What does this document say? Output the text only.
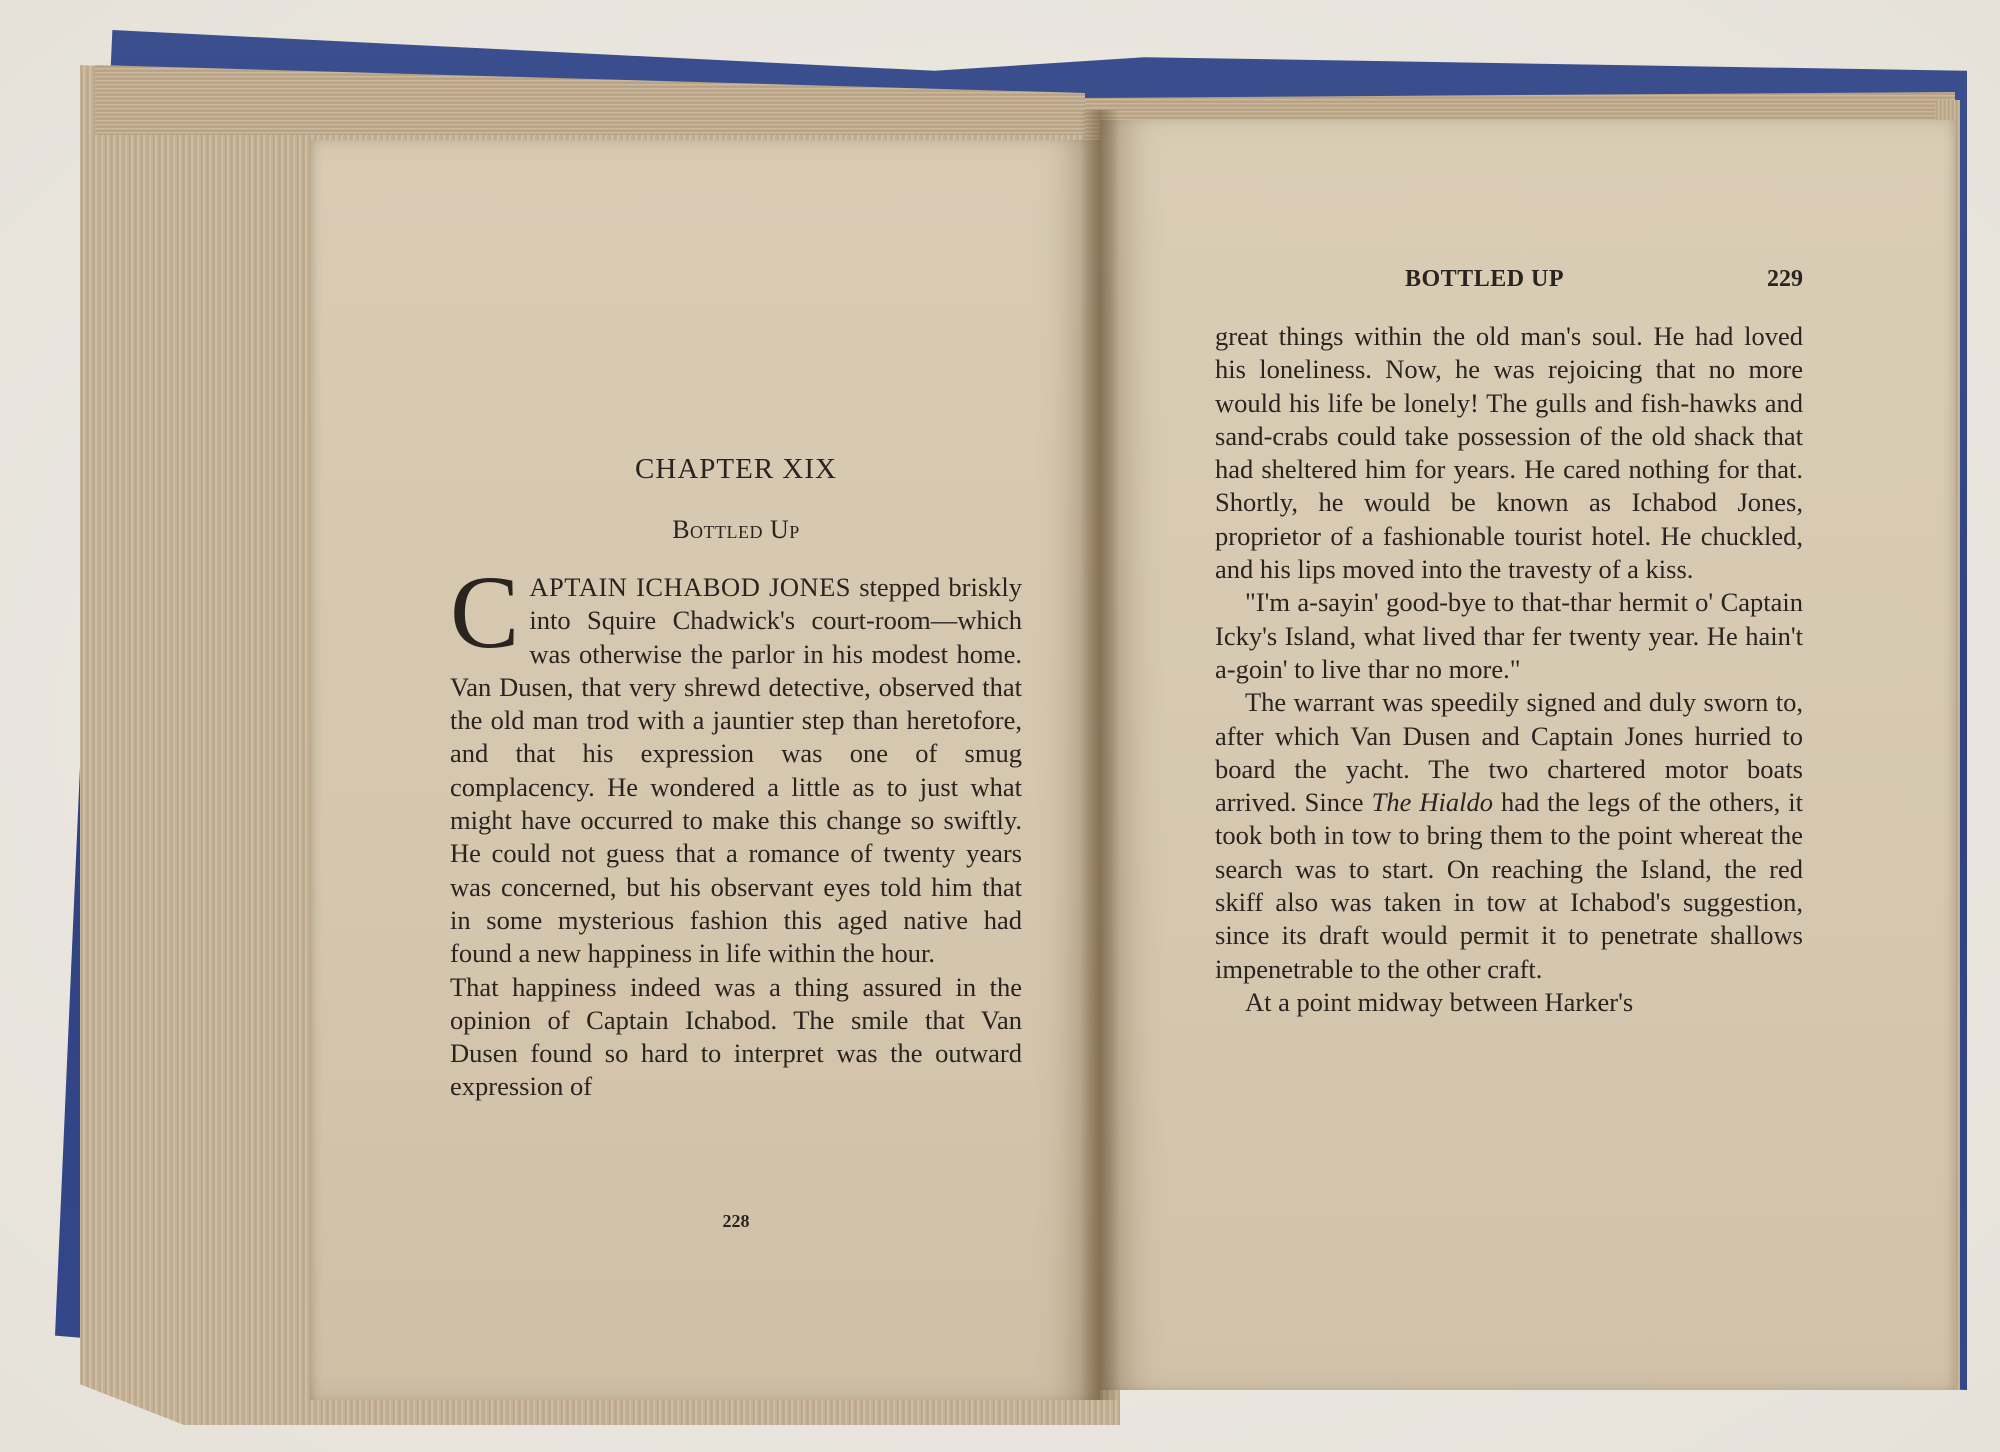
CHAPTER XIX
Bottled Up

CAPTAIN ICHABOD JONES stepped briskly into Squire Chadwick's court-room—which was otherwise the parlor in his modest home. Van Dusen, that very shrewd detective, observed that the old man trod with a jauntier step than heretofore, and that his expression was one of smug complacency. He wondered a little as to just what might have occurred to make this change so swiftly. He could not guess that a romance of twenty years was concerned, but his observant eyes told him that in some mysterious fashion this aged native had found a new happiness in life within the hour.

That happiness indeed was a thing assured in the opinion of Captain Ichabod. The smile that Van Dusen found so hard to interpret was the outward expression of

228
BOTTLED UP	229

great things within the old man's soul. He had loved his loneliness. Now, he was rejoicing that no more would his life be lonely! The gulls and fish-hawks and sand-crabs could take possession of the old shack that had sheltered him for years. He cared nothing for that. Shortly, he would be known as Ichabod Jones, proprietor of a fashionable tourist hotel. He chuckled, and his lips moved into the travesty of a kiss.

"I'm a-sayin' good-bye to that-thar hermit o' Captain Icky's Island, what lived thar fer twenty year. He hain't a-goin' to live thar no more."

The warrant was speedily signed and duly sworn to, after which Van Dusen and Captain Jones hurried to board the yacht. The two chartered motor boats arrived. Since The Hialdo had the legs of the others, it took both in tow to bring them to the point whereat the search was to start. On reaching the Island, the red skiff also was taken in tow at Ichabod's suggestion, since its draft would permit it to penetrate shallows impenetrable to the other craft.

At a point midway between Harker's
